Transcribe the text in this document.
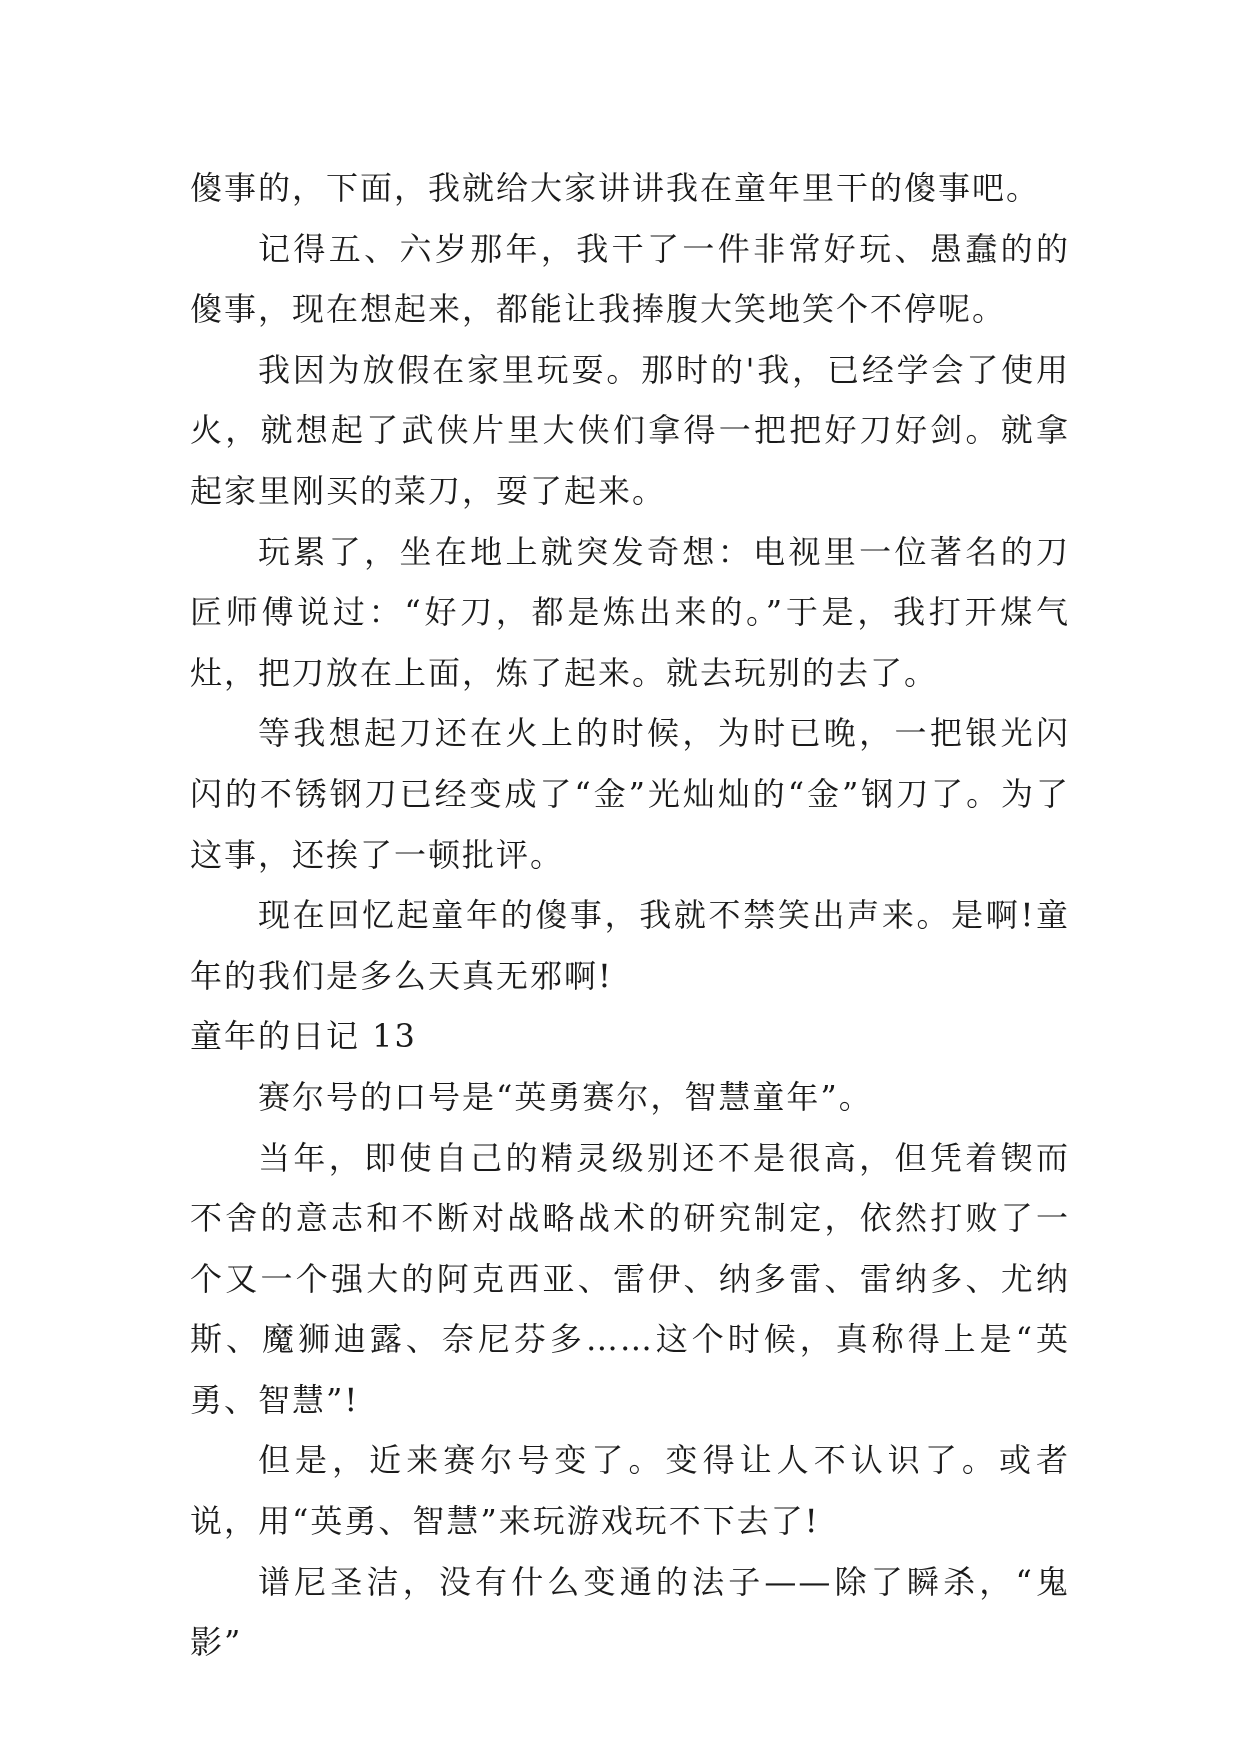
傻事的，下面，我就给大家讲讲我在童年里干的傻事吧。

记得五、六岁那年，我干了一件非常好玩、愚蠢的的傻事，现在想起来，都能让我捧腹大笑地笑个不停呢。

我因为放假在家里玩耍。那时的'我，已经学会了使用火，就想起了武侠片里大侠们拿得一把把好刀好剑。就拿起家里刚买的菜刀，耍了起来。

玩累了，坐在地上就突发奇想：电视里一位著名的刀匠师傅说过：“好刀，都是炼出来的。”于是，我打开煤气灶，把刀放在上面，炼了起来。就去玩别的去了。

等我想起刀还在火上的时候，为时已晚，一把银光闪闪的不锈钢刀已经变成了“金”光灿灿的“金”钢刀了。为了这事，还挨了一顿批评。

现在回忆起童年的傻事，我就不禁笑出声来。是啊!童年的我们是多么天真无邪啊!

童年的日记 13

赛尔号的口号是“英勇赛尔，智慧童年”。

当年，即使自己的精灵级别还不是很高，但凭着锲而不舍的意志和不断对战略战术的研究制定，依然打败了一个又一个强大的阿克西亚、雷伊、纳多雷、雷纳多、尤纳斯、魔狮迪露、奈尼芬多……这个时候，真称得上是“英勇、智慧”!

但是，近来赛尔号变了。变得让人不认识了。或者说，用“英勇、智慧”来玩游戏玩不下去了!

谱尼圣洁，没有什么变通的法子——除了瞬杀，“鬼影”
